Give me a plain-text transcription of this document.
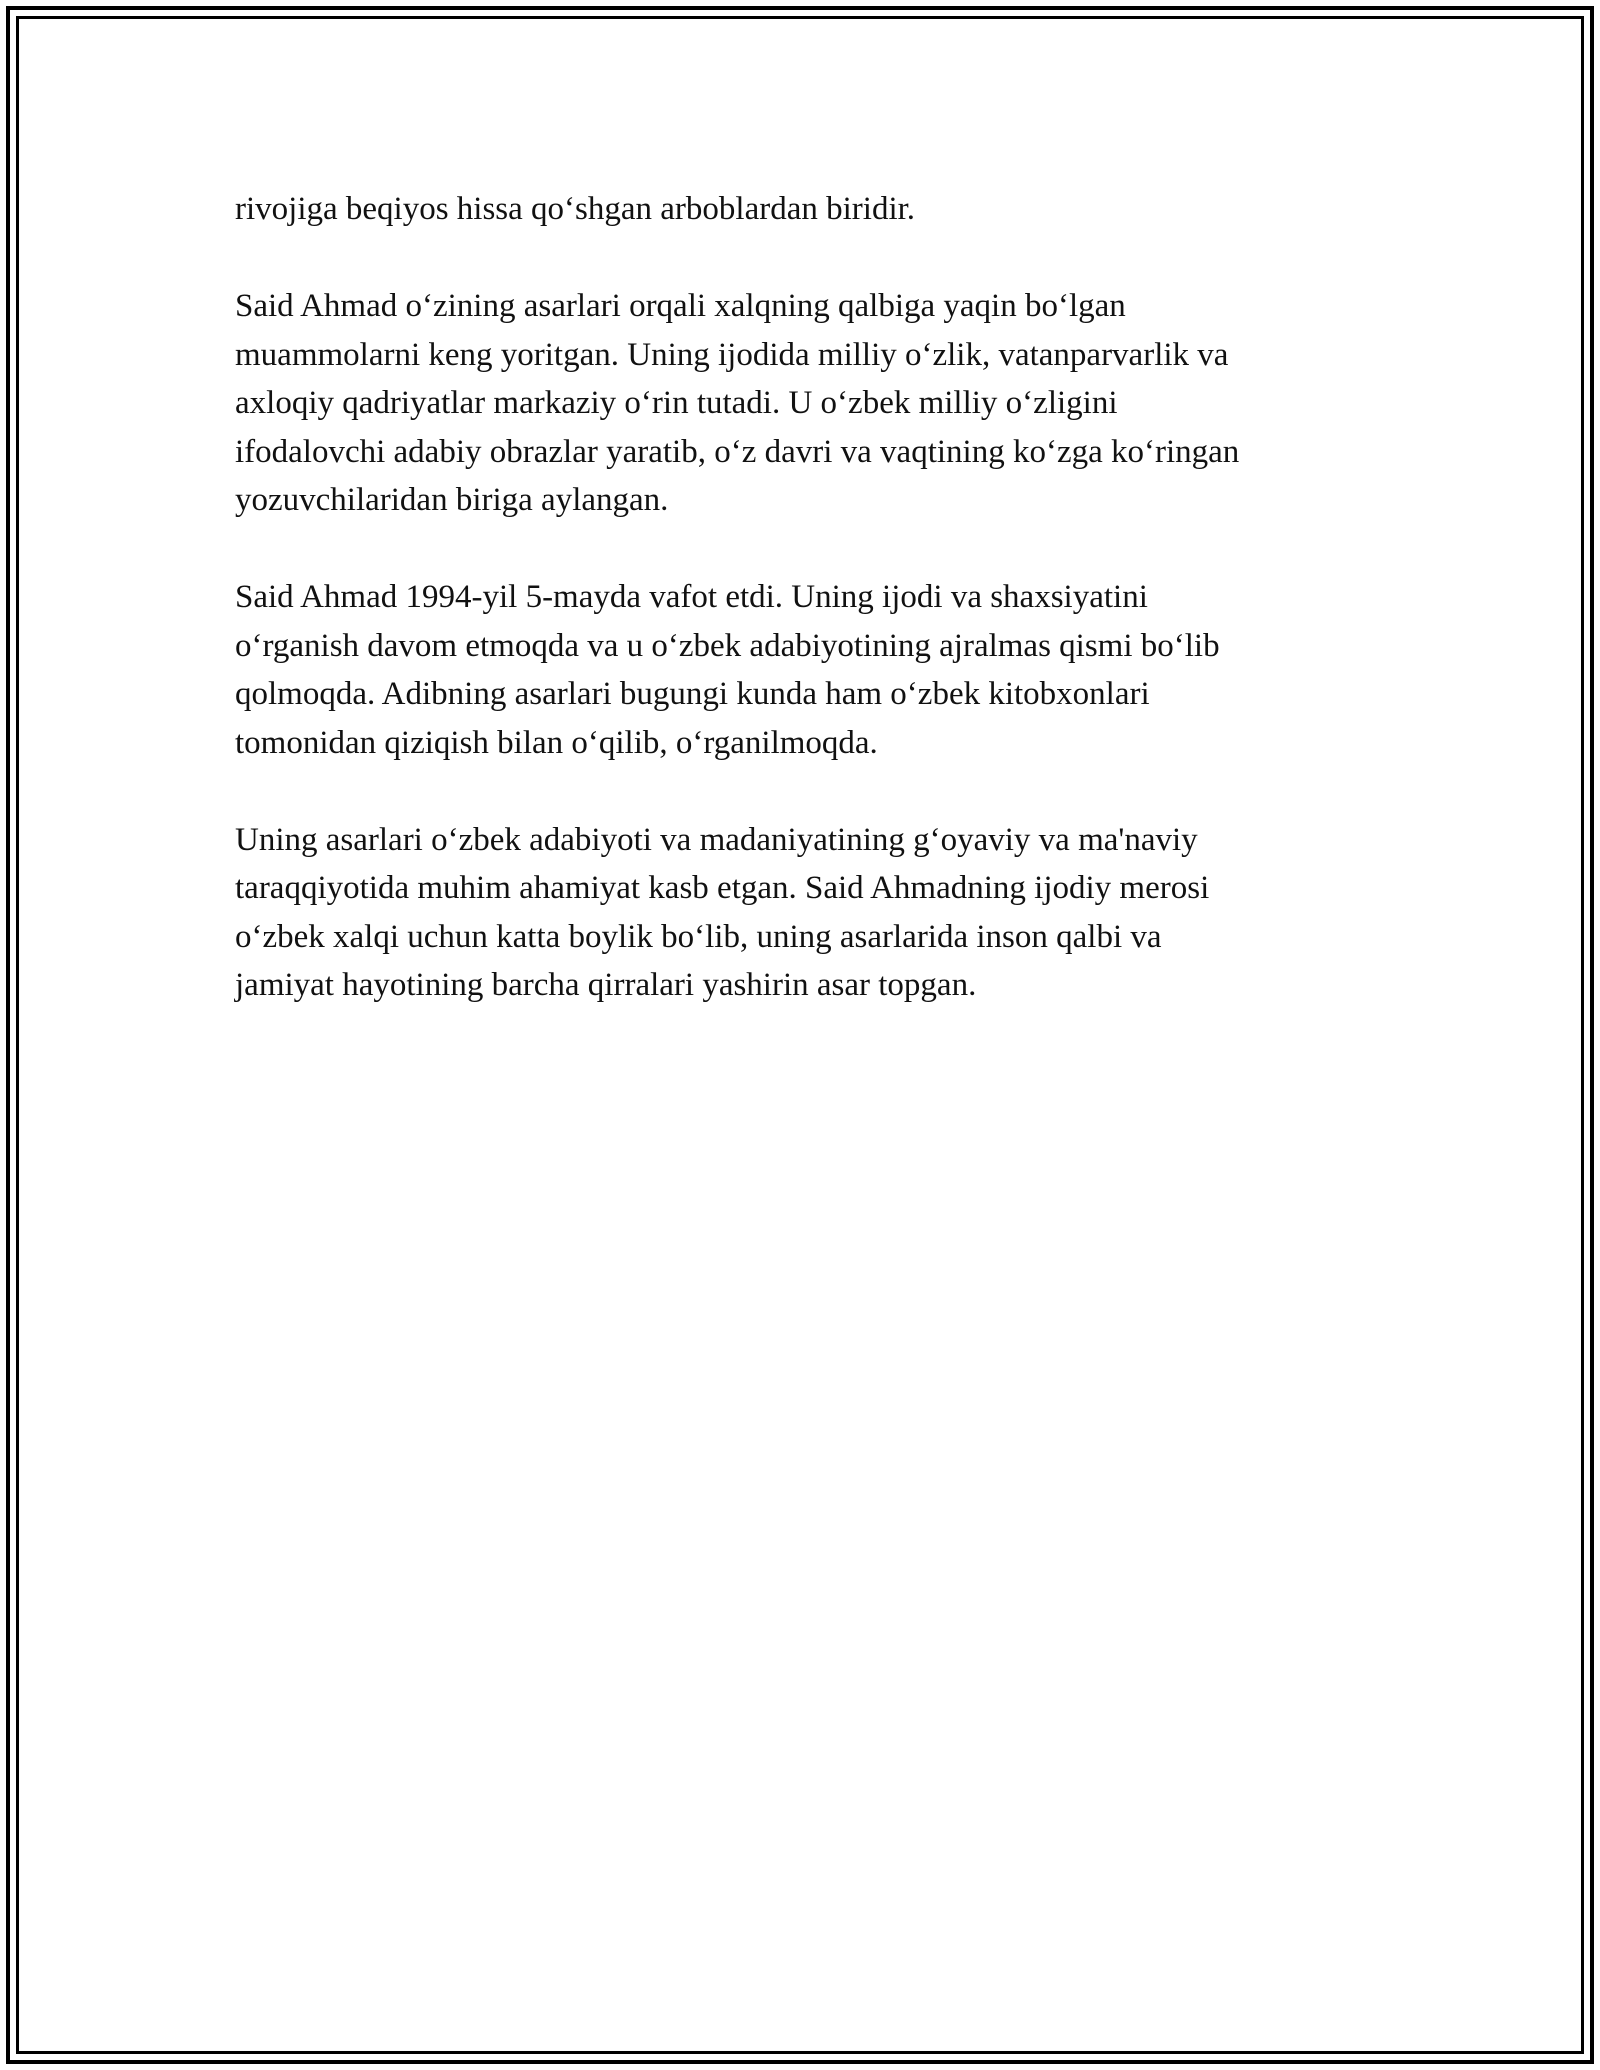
rivojiga beqiyos hissa qo‘shgan arboblardan biridir.

Said Ahmad o‘zining asarlari orqali xalqning qalbiga yaqin bo‘lgan
muammolarni keng yoritgan. Uning ijodida milliy o‘zlik, vatanparvarlik va
axloqiy qadriyatlar markaziy o‘rin tutadi. U o‘zbek milliy o‘zligini
ifodalovchi adabiy obrazlar yaratib, o‘z davri va vaqtining ko‘zga ko‘ringan
yozuvchilaridan biriga aylangan.

Said Ahmad 1994-yil 5-mayda vafot etdi. Uning ijodi va shaxsiyatini
o‘rganish davom etmoqda va u o‘zbek adabiyotining ajralmas qismi bo‘lib
qolmoqda. Adibning asarlari bugungi kunda ham o‘zbek kitobxonlari
tomonidan qiziqish bilan o‘qilib, o‘rganilmoqda.

Uning asarlari o‘zbek adabiyoti va madaniyatining g‘oyaviy va ma'naviy
taraqqiyotida muhim ahamiyat kasb etgan. Said Ahmadning ijodiy merosi
o‘zbek xalqi uchun katta boylik bo‘lib, uning asarlarida inson qalbi va
jamiyat hayotining barcha qirralari yashirin asar topgan.
